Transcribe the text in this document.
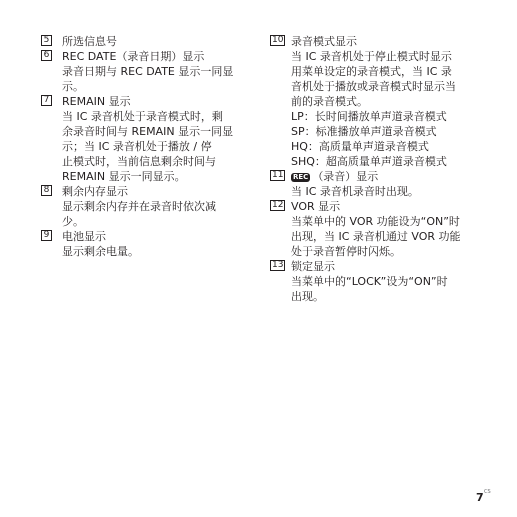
5 所选信息号
6 REC DATE（录音日期）显示
录音日期与 REC DATE 显示一同显
示。
7 REMAIN 显示
当 IC 录音机处于录音模式时，剩
余录音时间与 REMAIN 显示一同显
示；当 IC 录音机处于播放 / 停
止模式时，当前信息剩余时间与
REMAIN 显示一同显示。
8 剩余内存显示
显示剩余内存并在录音时依次减
少。
9 电池显示
显示剩余电量。
10 录音模式显示
当 IC 录音机处于停止模式时显示
用菜单设定的录音模式，当 IC 录
音机处于播放或录音模式时显示当
前的录音模式。
LP：长时间播放单声道录音模式
SP：标准播放单声道录音模式
HQ：高质量单声道录音模式
SHQ：超高质量单声道录音模式
11 REC （录音）显示
当 IC 录音机录音时出现。
12 VOR 显示
当菜单中的 VOR 功能设为“ON”时
出现，当 IC 录音机通过 VOR 功能
处于录音暂停时闪烁。
13 锁定显示
当菜单中的“LOCK”设为“ON”时
出现。
7 CS
